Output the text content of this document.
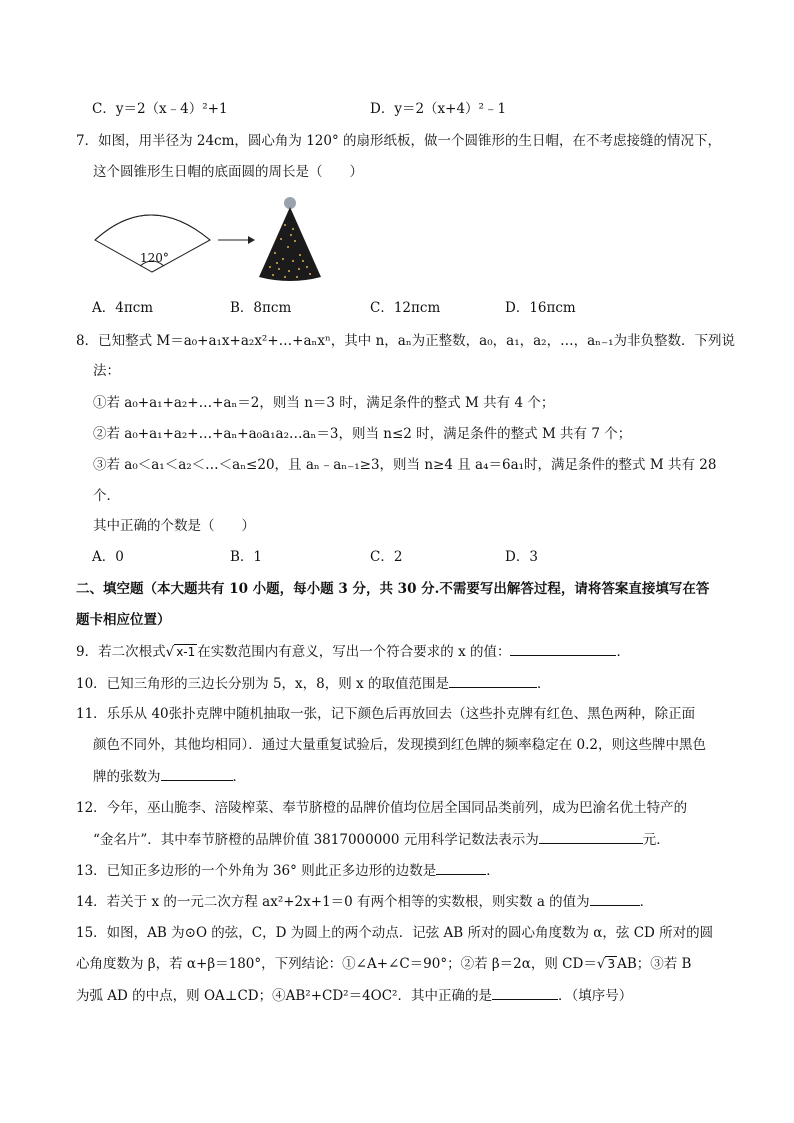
C．y＝2（x﹣4）²+1	D．y＝2（x+4）²﹣1
7．如图，用半径为 24cm，圆心角为 120° 的扇形纸板，做一个圆锥形的生日帽，在不考虑接缝的情况下，
这个圆锥形生日帽的底面圆的周长是（　　）
120°
A．4πcm	B．8πcm	C．12πcm	D．16πcm
8．已知整式 M＝a₀+a₁x+a₂x²+…+aₙxⁿ，其中 n，aₙ为正整数，a₀，a₁，a₂，…，aₙ₋₁为非负整数．下列说
法：
①若 a₀+a₁+a₂+…+aₙ＝2，则当 n＝3 时，满足条件的整式 M 共有 4 个；
②若 a₀+a₁+a₂+…+aₙ+a₀a₁a₂…aₙ＝3，则当 n≤2 时，满足条件的整式 M 共有 7 个；
③若 a₀＜a₁＜a₂＜…＜aₙ≤20，且 aₙ﹣aₙ₋₁≥3，则当 n≥4 且 a₄＝6a₁时，满足条件的整式 M 共有 28
个．
其中正确的个数是（　　）
A．0	B．1	C．2	D．3
二、填空题（本大题共有 10 小题，每小题 3 分，共 30 分.不需要写出解答过程，请将答案直接填写在答
题卡相应位置）
9．若二次根式√ x-1 在实数范围内有意义，写出一个符合要求的 x 的值：	．
10．已知三角形的三边长分别为 5，x，8，则 x 的取值范围是	．
11．乐乐从 40张扑克牌中随机抽取一张，记下颜色后再放回去（这些扑克牌有红色、黑色两种，除正面
颜色不同外，其他均相同）．通过大量重复试验后，发现摸到红色牌的频率稳定在 0.2，则这些牌中黑色
牌的张数为	．
12．今年，巫山脆李、涪陵榨菜、奉节脐橙的品牌价值均位居全国同品类前列，成为巴渝名优土特产的
“金名片”．其中奉节脐橙的品牌价值 3817000000 元用科学记数法表示为	元．
13．已知正多边形的一个外角为 36° 则此正多边形的边数是	．
14．若关于 x 的一元二次方程 ax²+2x+1＝0 有两个相等的实数根，则实数 a 的值为	．
15．如图，AB 为⊙O 的弦，C，D 为圆上的两个动点．记弦 AB 所对的圆心角度数为 α，弦 CD 所对的圆
心角度数为 β，若 α+β＝180°，下列结论：①∠A+∠C＝90°；②若 β＝2α，则 CD＝√ 3 AB；③若 B
为弧 AD 的中点，则 OA⊥CD；④AB²+CD²＝4OC²．其中正确的是	．（填序号）
